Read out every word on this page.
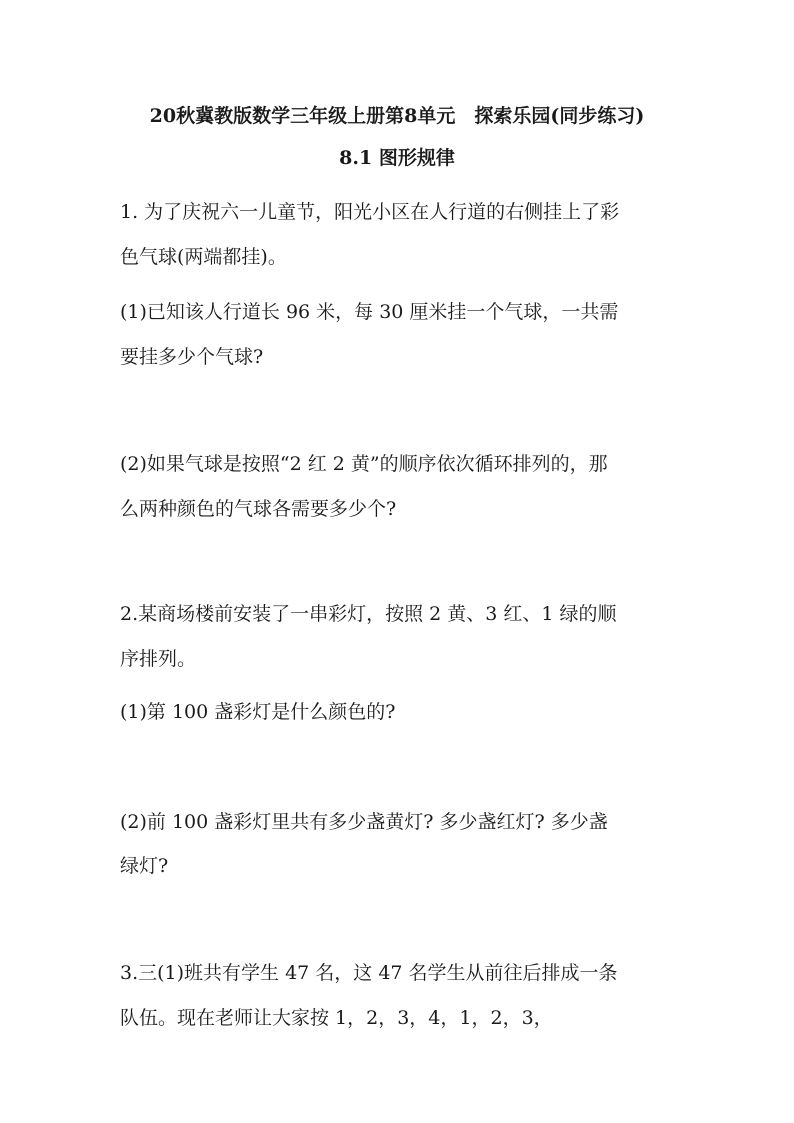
20秋冀教版数学三年级上册第8单元　探索乐园(同步练习)
8.1 图形规律
1. 为了庆祝六一儿童节，阳光小区在人行道的右侧挂上了彩
色气球(两端都挂)。
(1)已知该人行道长 96 米，每 30 厘米挂一个气球，一共需
要挂多少个气球?
(2)如果气球是按照“2 红 2 黄”的顺序依次循环排列的，那
么两种颜色的气球各需要多少个?
2.某商场楼前安装了一串彩灯，按照 2 黄、3 红、1 绿的顺
序排列。
(1)第 100 盏彩灯是什么颜色的?
(2)前 100 盏彩灯里共有多少盏黄灯? 多少盏红灯? 多少盏
绿灯?
3.三(1)班共有学生 47 名，这 47 名学生从前往后排成一条
队伍。现在老师让大家按 1，2，3，4，1，2，3，
